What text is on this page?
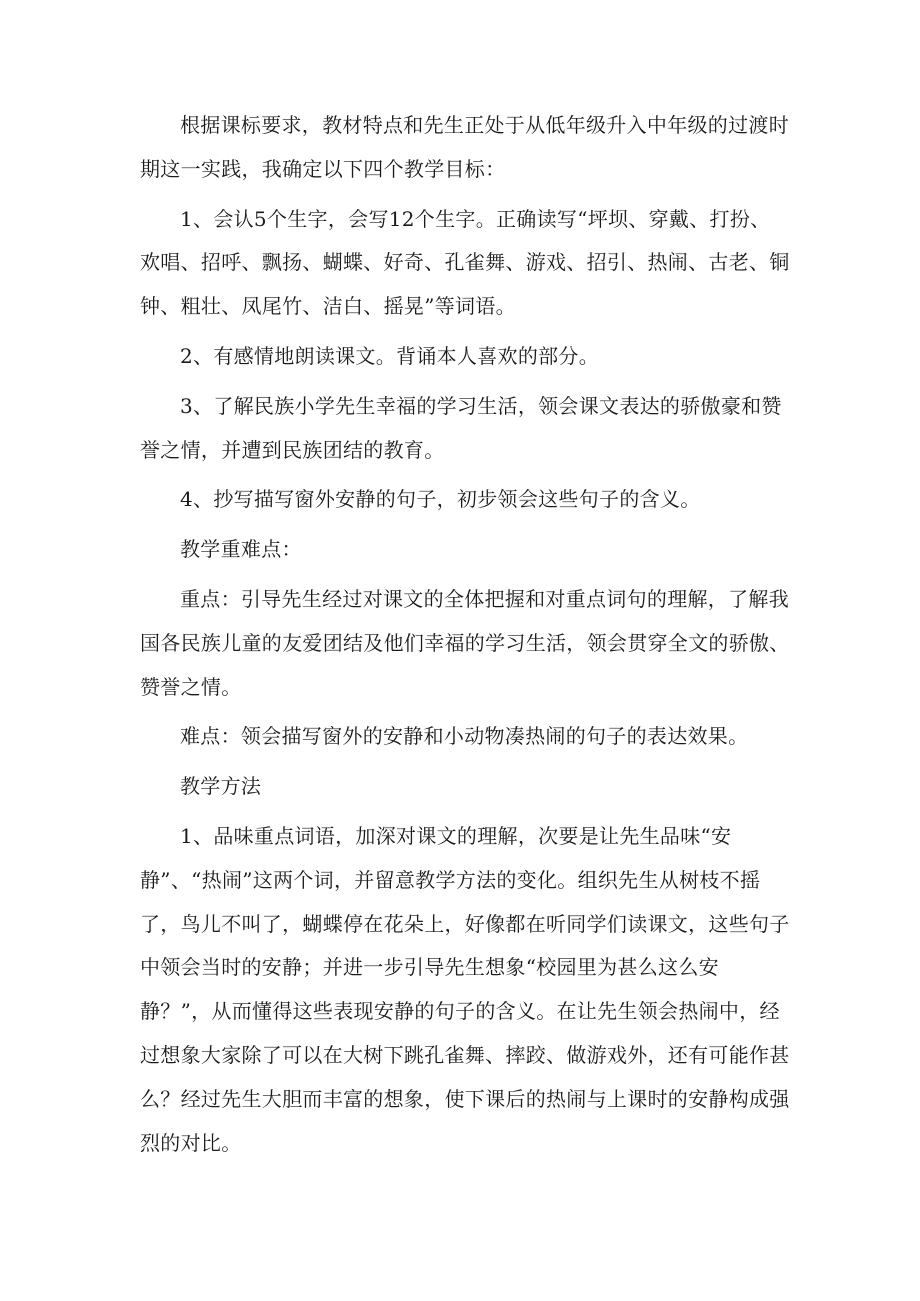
根据课标要求，教材特点和先生正处于从低年级升入中年级的过渡时期这一实践，我确定以下四个教学目标：

1、会认5个生字，会写12个生字。正确读写“坪坝、穿戴、打扮、欢唱、招呼、飘扬、蝴蝶、好奇、孔雀舞、游戏、招引、热闹、古老、铜钟、粗壮、凤尾竹、洁白、摇晃”等词语。

2、有感情地朗读课文。背诵本人喜欢的部分。

3、了解民族小学先生幸福的学习生活，领会课文表达的骄傲豪和赞誉之情，并遭到民族团结的教育。

4、抄写描写窗外安静的句子，初步领会这些句子的含义。

教学重难点：

重点：引导先生经过对课文的全体把握和对重点词句的理解，了解我国各民族儿童的友爱团结及他们幸福的学习生活，领会贯穿全文的骄傲、赞誉之情。

难点：领会描写窗外的安静和小动物凑热闹的句子的表达效果。

教学方法

1、品味重点词语，加深对课文的理解，次要是让先生品味“安静”、“热闹”这两个词，并留意教学方法的变化。组织先生从树枝不摇了，鸟儿不叫了，蝴蝶停在花朵上，好像都在听同学们读课文，这些句子中领会当时的安静；并进一步引导先生想象“校园里为甚么这么安静？”，从而懂得这些表现安静的句子的含义。在让先生领会热闹中，经过想象大家除了可以在大树下跳孔雀舞、摔跤、做游戏外，还有可能作甚么？经过先生大胆而丰富的想象，使下课后的热闹与上课时的安静构成强烈的对比。
